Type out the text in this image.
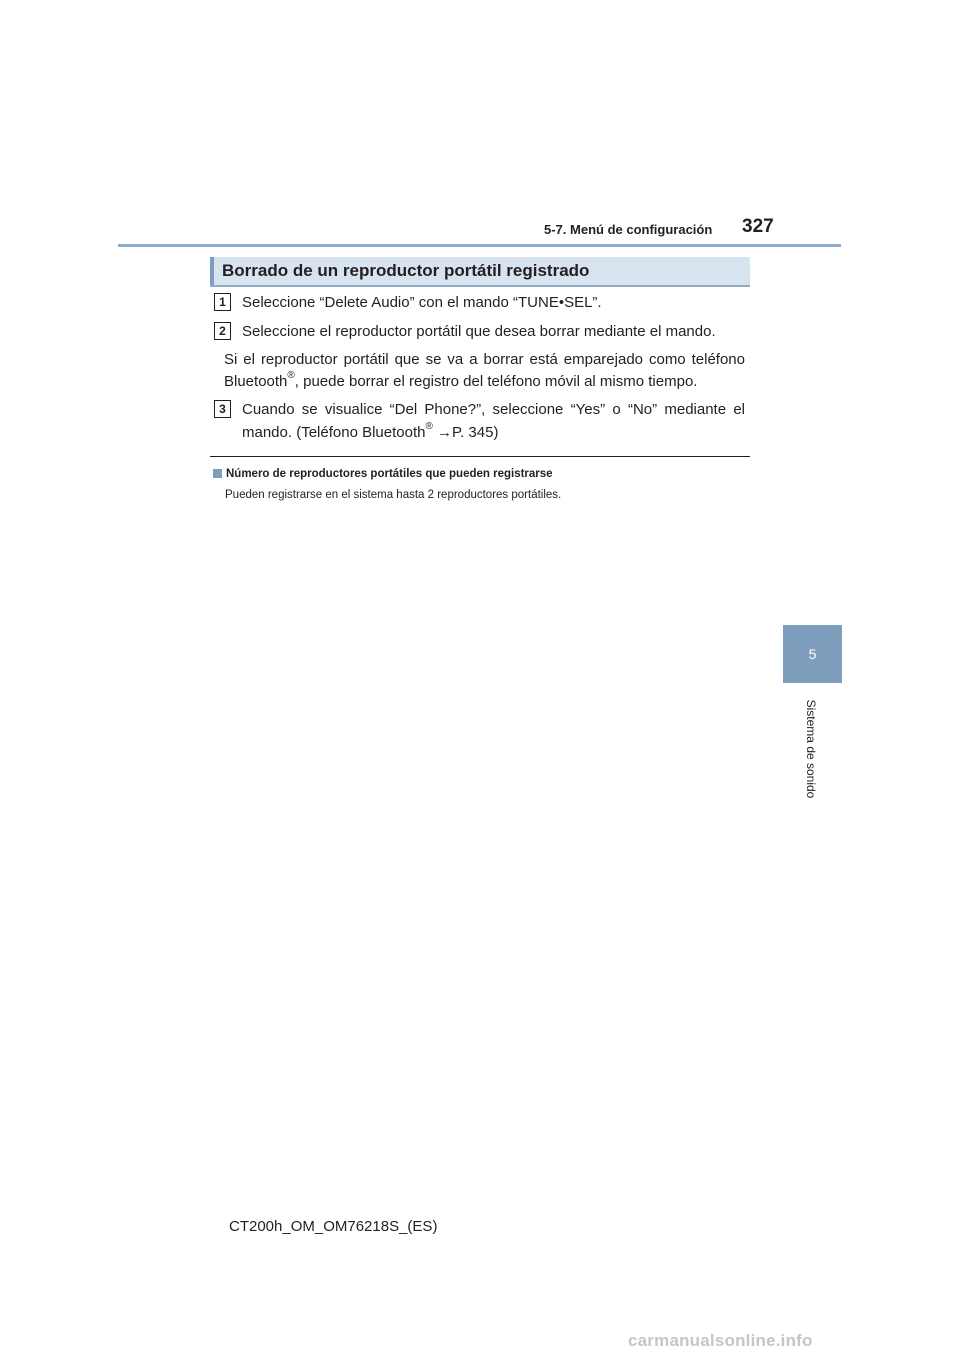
5-7. Menú de configuración 327
5
Sistema de sonido
Borrado de un reproductor portátil registrado
1	Seleccione “Delete Audio” con el mando “TUNE•SEL”.
2	Seleccione el reproductor portátil que desea borrar mediante el mando.
Si el reproductor portátil que se va a borrar está emparejado como teléfono
Bluetooth®, puede borrar el registro del teléfono móvil al mismo tiempo.
3	Cuando se visualice “Del Phone?”, seleccione “Yes” o “No” mediante el
mando. (Teléfono Bluetooth® →P. 345)
Número de reproductores portátiles que pueden registrarse
Pueden registrarse en el sistema hasta 2 reproductores portátiles.
CT200h_OM_OM76218S_(ES)
carmanualsonline.info
